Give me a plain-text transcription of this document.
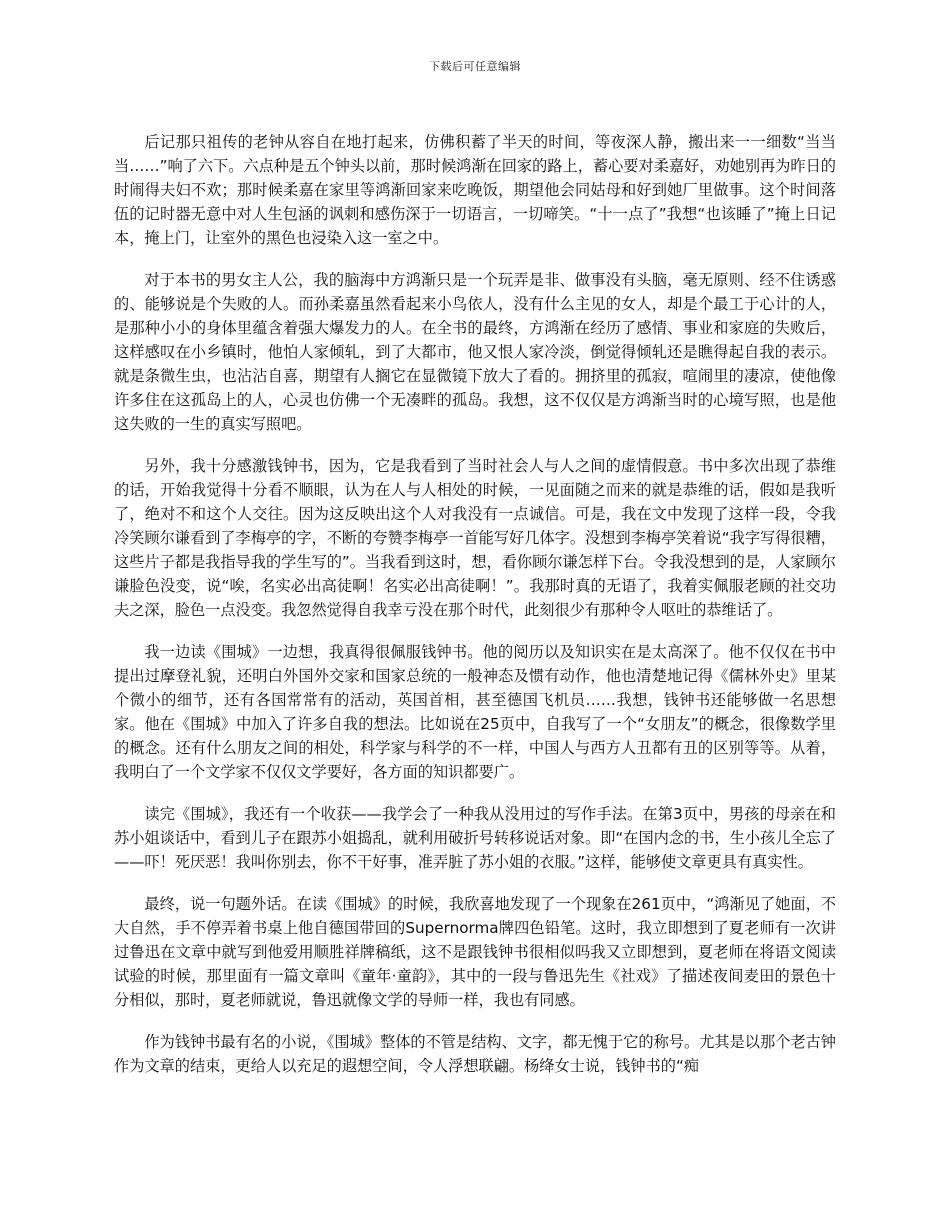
下载后可任意编辑

后记那只祖传的老钟从容自在地打起来，仿佛积蓄了半天的时间，等夜深人静，搬出来一一细数“当当当……”响了六下。六点种是五个钟头以前，那时候鸿渐在回家的路上，蓄心要对柔嘉好，劝她别再为昨日的时闹得夫妇不欢；那时候柔嘉在家里等鸿渐回家来吃晚饭，期望他会同姑母和好到她厂里做事。这个时间落伍的记时器无意中对人生包涵的讽刺和感伤深于一切语言，一切啼笑。“十一点了”我想“也该睡了”掩上日记本，掩上门，让室外的黑色也浸染入这一室之中。

对于本书的男女主人公，我的脑海中方鸿渐只是一个玩弄是非、做事没有头脑，毫无原则、经不住诱惑的、能够说是个失败的人。而孙柔嘉虽然看起来小鸟依人，没有什么主见的女人，却是个最工于心计的人，是那种小小的身体里蕴含着强大爆发力的人。在全书的最终，方鸿渐在经历了感情、事业和家庭的失败后，这样感叹在小乡镇时，他怕人家倾轧，到了大都市，他又恨人家冷淡，倒觉得倾轧还是瞧得起自我的表示。就是条微生虫，也沾沾自喜，期望有人搁它在显微镜下放大了看的。拥挤里的孤寂，喧闹里的凄凉，使他像许多住在这孤岛上的人，心灵也仿佛一个无凑畔的孤岛。我想，这不仅仅是方鸿渐当时的心境写照，也是他这失败的一生的真实写照吧。

另外，我十分感激钱钟书，因为，它是我看到了当时社会人与人之间的虚情假意。书中多次出现了恭维的话，开始我觉得十分看不顺眼，认为在人与人相处的时候，一见面随之而来的就是恭维的话，假如是我听了，绝对不和这个人交往。因为这反映出这个人对我没有一点诚信。可是，我在文中发现了这样一段，令我冷笑顾尔谦看到了李梅亭的字，不断的夸赞李梅亭一首能写好几体字。没想到李梅亭笑着说“我字写得很糟，这些片子都是我指导我的学生写的”。当我看到这时，想，看你顾尔谦怎样下台。令我没想到的是，人家顾尔谦脸色没变，说“唉，名实必出高徒啊！名实必出高徒啊！”。我那时真的无语了，我着实佩服老顾的社交功夫之深，脸色一点没变。我忽然觉得自我幸亏没在那个时代，此刻很少有那种令人呕吐的恭维话了。

我一边读《围城》一边想，我真得很佩服钱钟书。他的阅历以及知识实在是太高深了。他不仅仅在书中提出过摩登礼貌，还明白外国外交家和国家总统的一般神态及惯有动作，他也清楚地记得《儒林外史》里某个微小的细节，还有各国常常有的活动，英国首相，甚至德国飞机员……我想，钱钟书还能够做一名思想家。他在《围城》中加入了许多自我的想法。比如说在25页中，自我写了一个“女朋友”的概念，很像数学里的概念。还有什么朋友之间的相处，科学家与科学的不一样，中国人与西方人丑都有丑的区别等等。从着，我明白了一个文学家不仅仅文学要好，各方面的知识都要广。

读完《围城》，我还有一个收获——我学会了一种我从没用过的写作手法。在第3页中，男孩的母亲在和苏小姐谈话中，看到儿子在跟苏小姐捣乱，就利用破折号转移说话对象。即“在国内念的书，生小孩儿全忘了——吓！死厌恶！我叫你别去，你不干好事，准弄脏了苏小姐的衣服。”这样，能够使文章更具有真实性。

最终，说一句题外话。在读《围城》的时候，我欣喜地发现了一个现象在261页中，“鸿渐见了她面，不大自然，手不停弄着书桌上他自德国带回的Supernorma牌四色铅笔。这时，我立即想到了夏老师有一次讲过鲁迅在文章中就写到他爱用顺胜祥牌稿纸，这不是跟钱钟书很相似吗我又立即想到，夏老师在将语文阅读试验的时候，那里面有一篇文章叫《童年·童韵》，其中的一段与鲁迅先生《社戏》了描述夜间麦田的景色十分相似，那时，夏老师就说，鲁迅就像文学的导师一样，我也有同感。

作为钱钟书最有名的小说，《围城》整体的不管是结构、文字，都无愧于它的称号。尤其是以那个老古钟作为文章的结束，更给人以充足的遐想空间，令人浮想联翩。杨绛女士说，钱钟书的“痴
